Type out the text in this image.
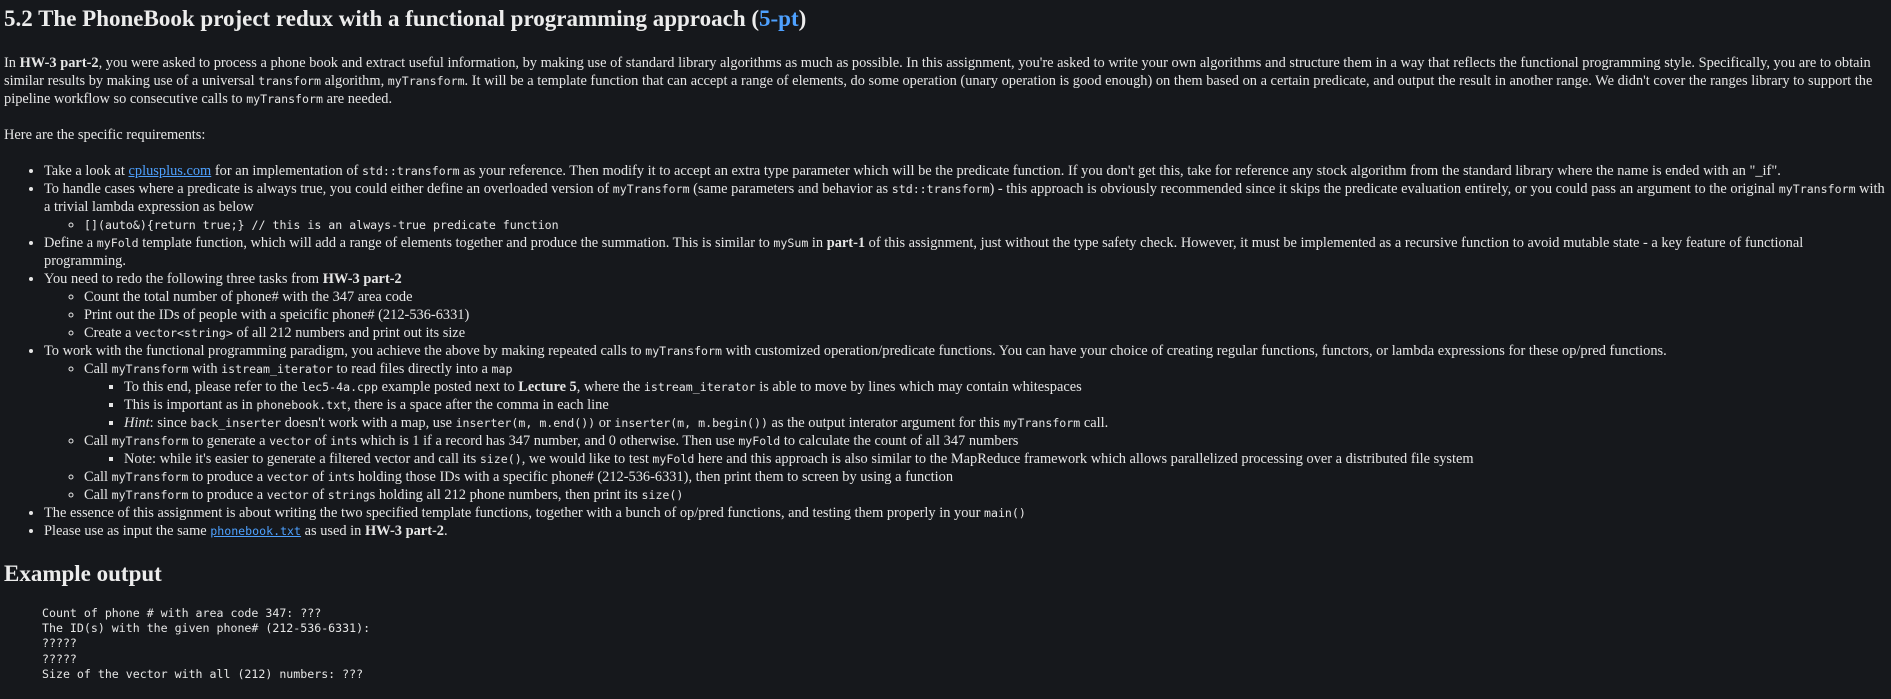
5.2 The PhoneBook project redux with a functional programming approach (5-pt)

In HW-3 part-2, you were asked to process a phone book and extract useful information, by making use of standard library algorithms as much as possible. In this assignment, you're asked to write your own algorithms and structure them in a way that reflects the functional programming style. Specifically, you are to obtain similar results by making use of a universal transform algorithm, myTransform. It will be a template function that can accept a range of elements, do some operation (unary operation is good enough) on them based on a certain predicate, and output the result in another range. We didn't cover the ranges library to support the pipeline workflow so consecutive calls to myTransform are needed.

Here are the specific requirements:

• Take a look at cplusplus.com for an implementation of std::transform as your reference. Then modify it to accept an extra type parameter which will be the predicate function. If you don't get this, take for reference any stock algorithm from the standard library where the name is ended with an "_if".
• To handle cases where a predicate is always true, you could either define an overloaded version of myTransform (same parameters and behavior as std::transform) - this approach is obviously recommended since it skips the predicate evaluation entirely, or you could pass an argument to the original myTransform with a trivial lambda expression as below
◦ [](auto&){return true;} // this is an always-true predicate function
• Define a myFold template function, which will add a range of elements together and produce the summation. This is similar to mySum in part-1 of this assignment, just without the type safety check. However, it must be implemented as a recursive function to avoid mutable state - a key feature of functional programming.
• You need to redo the following three tasks from HW-3 part-2
◦ Count the total number of phone# with the 347 area code
◦ Print out the IDs of people with a speicific phone# (212-536-6331)
◦ Create a vector<string> of all 212 numbers and print out its size
• To work with the functional programming paradigm, you achieve the above by making repeated calls to myTransform with customized operation/predicate functions. You can have your choice of creating regular functions, functors, or lambda expressions for these op/pred functions.
◦ Call myTransform with istream_iterator to read files directly into a map
▪ To this end, please refer to the lec5-4a.cpp example posted next to Lecture 5, where the istream_iterator is able to move by lines which may contain whitespaces
▪ This is important as in phonebook.txt, there is a space after the comma in each line
▪ Hint: since back_inserter doesn't work with a map, use inserter(m, m.end()) or inserter(m, m.begin()) as the output interator argument for this myTransform call.
◦ Call myTransform to generate a vector of ints which is 1 if a record has 347 number, and 0 otherwise. Then use myFold to calculate the count of all 347 numbers
▪ Note: while it's easier to generate a filtered vector and call its size(), we would like to test myFold here and this approach is also similar to the MapReduce framework which allows parallelized processing over a distributed file system
◦ Call myTransform to produce a vector of ints holding those IDs with a specific phone# (212-536-6331), then print them to screen by using a function
◦ Call myTransform to produce a vector of strings holding all 212 phone numbers, then print its size()
• The essence of this assignment is about writing the two specified template functions, together with a bunch of op/pred functions, and testing them properly in your main()
• Please use as input the same phonebook.txt as used in HW-3 part-2.
Example output
Count of phone # with area code 347: ???
The ID(s) with the given phone# (212-536-6331):
?????
?????
Size of the vector with all (212) numbers: ???
